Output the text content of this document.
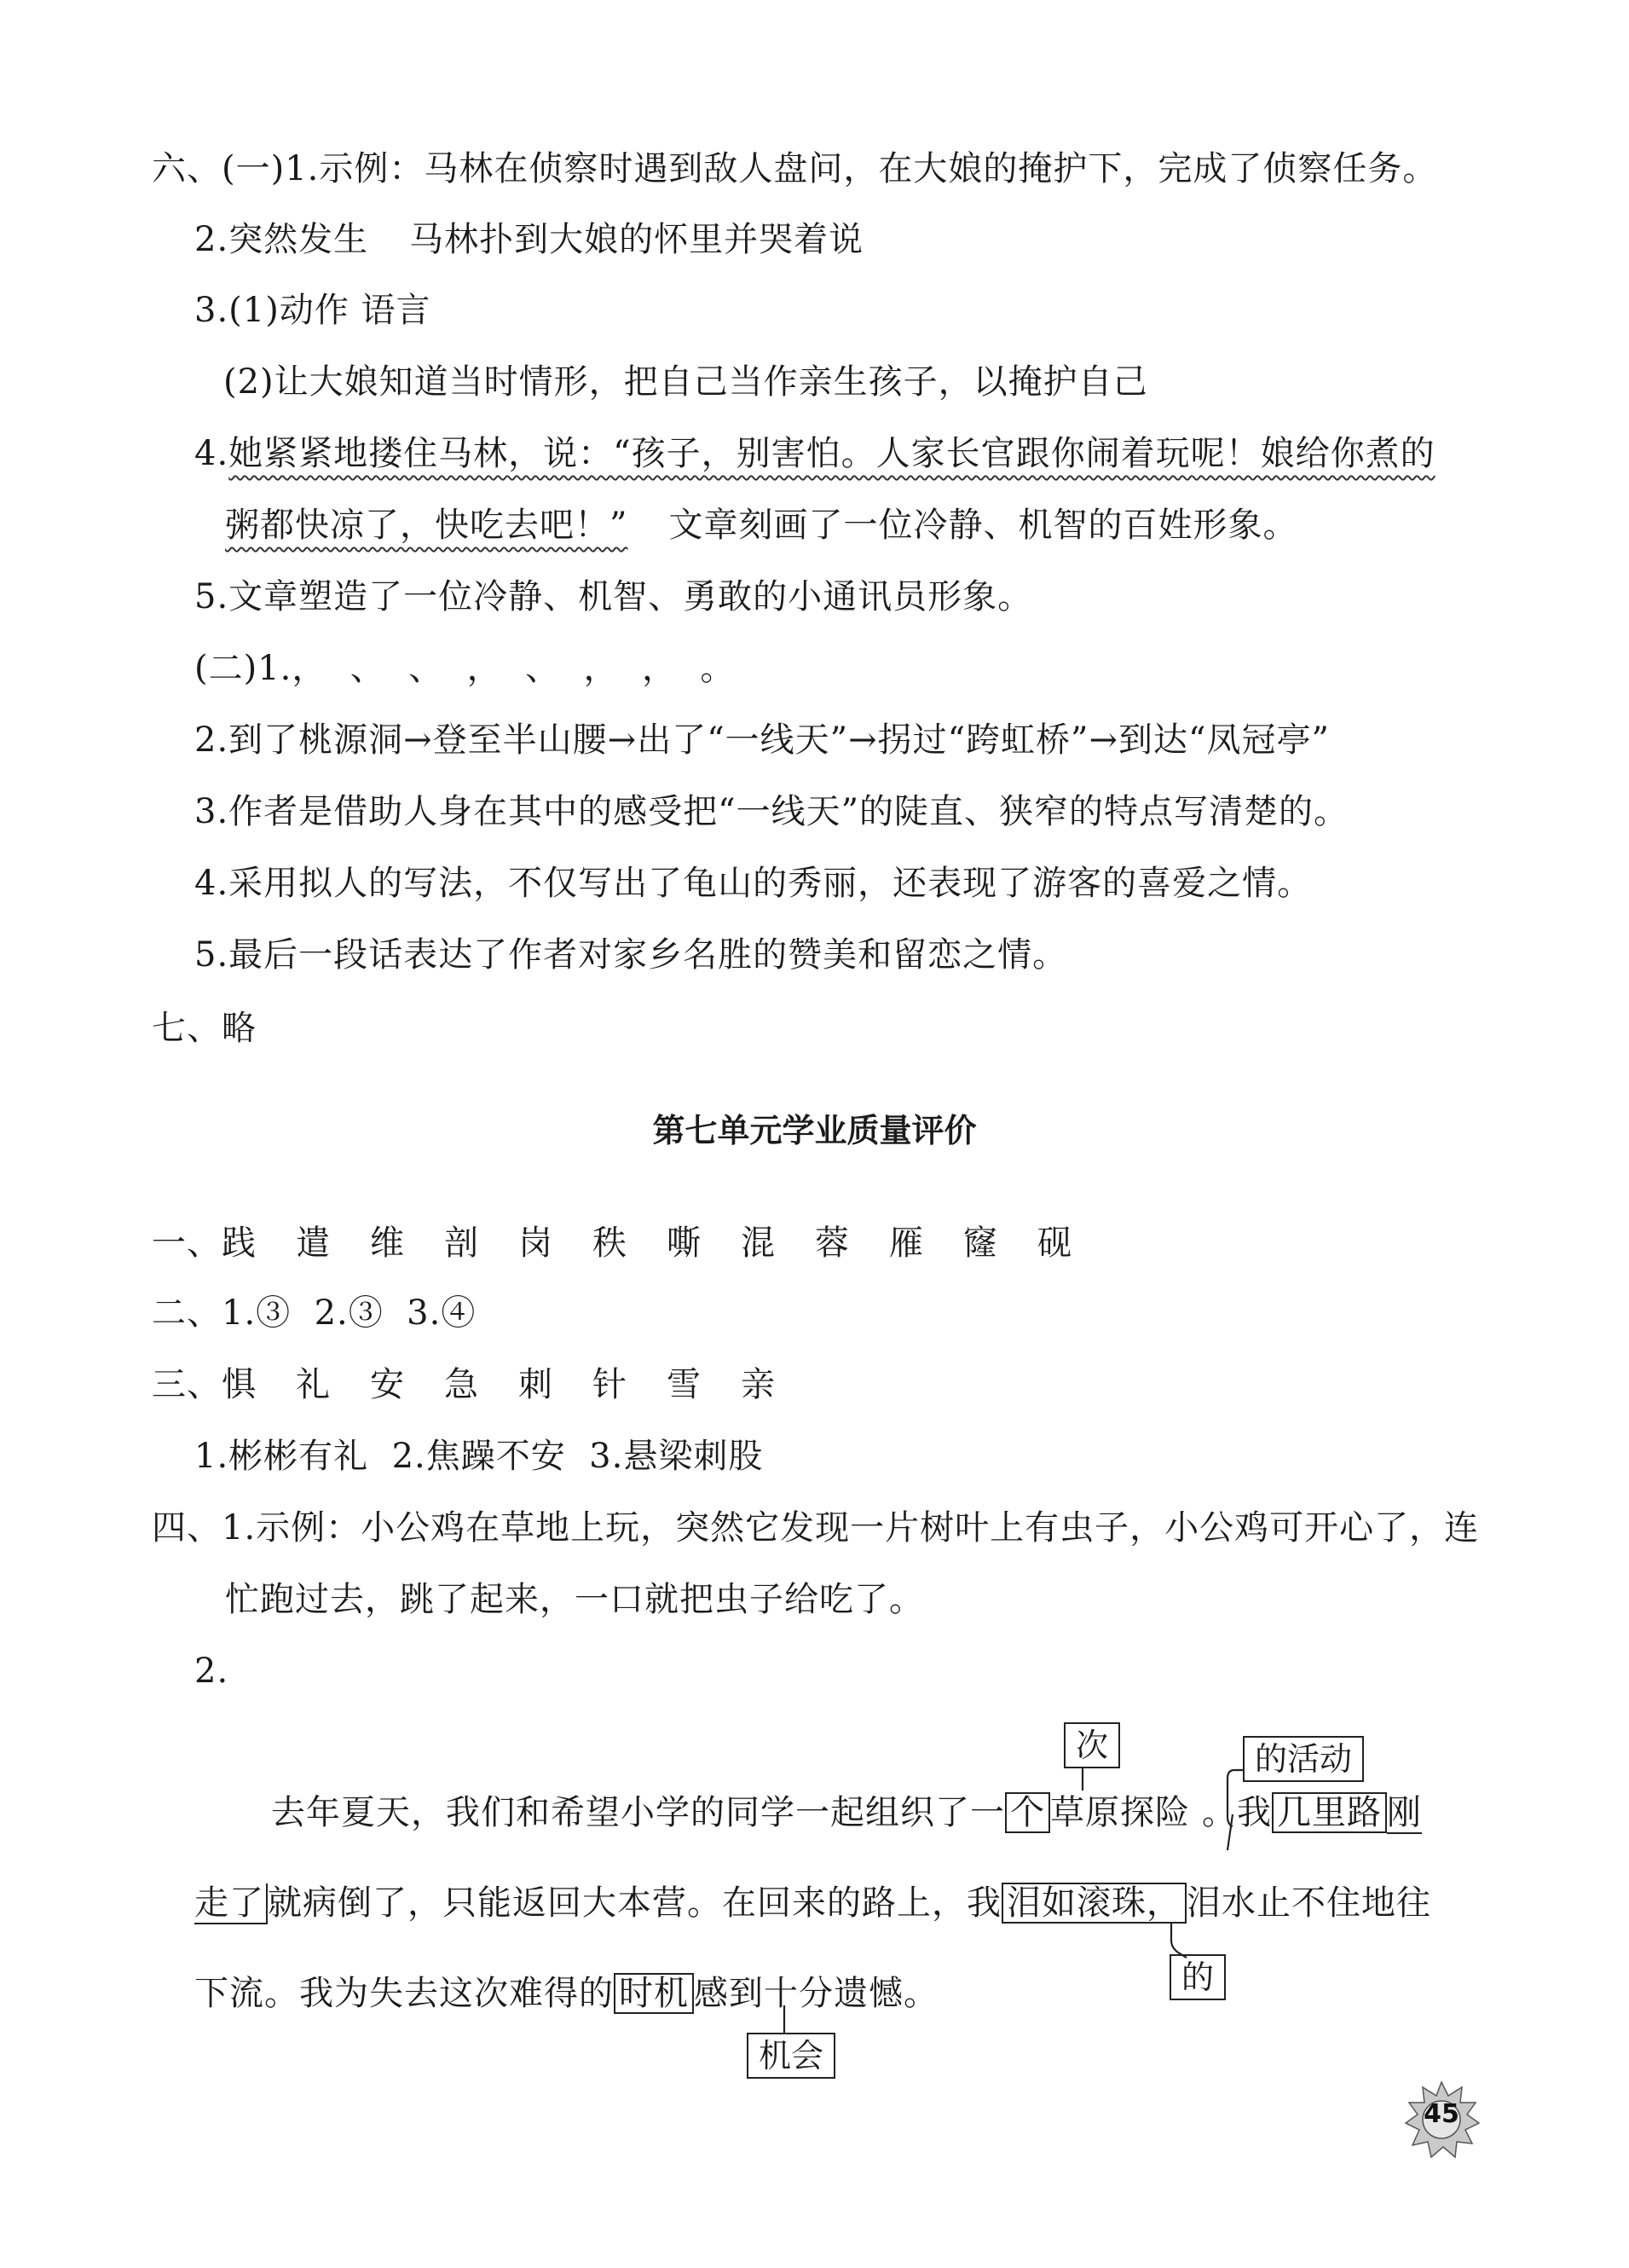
六、(一)1.示例：马林在侦察时遇到敌人盘问，在大娘的掩护下，完成了侦察任务。
2.突然发生 马林扑到大娘的怀里并哭着说
3.(1)动作 语言
(2)让大娘知道当时情形，把自己当作亲生孩子，以掩护自己
4.她紧紧地搂住马林，说：“孩子，别害怕。人家长官跟你闹着玩呢！娘给你煮的
粥都快凉了，快吃去吧！” 文章刻画了一位冷静、机智的百姓形象。
5.文章塑造了一位冷静、机智、勇敢的小通讯员形象。
(二)1.，  、  、  ，  、  ，  ，  。
2.到了桃源洞→登至半山腰→出了“一线天”→拐过“跨虹桥”→到达“凤冠亭”
3.作者是借助人身在其中的感受把“一线天”的陡直、狭窄的特点写清楚的。
4.采用拟人的写法，不仅写出了龟山的秀丽，还表现了游客的喜爱之情。
5.最后一段话表达了作者对家乡名胜的赞美和留恋之情。
七、略
第七单元学业质量评价
一、践 遣 维 剖 岗 秩 嘶 混 蓉 雁 窿 砚
二、1.③  2.③  3.④
三、惧 礼 安 急 刺 针 雪 亲
1.彬彬有礼  2.焦躁不安  3.悬梁刺股
四、1.示例：小公鸡在草地上玩，突然它发现一片树叶上有虫子，小公鸡可开心了，连
忙跑过去，跳了起来，一口就把虫子给吃了。
2.
去年夏天，我们和希望小学的同学一起组织了一 个 草原探险 。我 几里路 刚
走了 就病倒了，只能返回大本营。在回来的路上，我 泪如滚珠， 泪水止不住地往
下流。我为失去这次难得的 时机 感到十分遗憾。
次	的活动
的
机会
45
